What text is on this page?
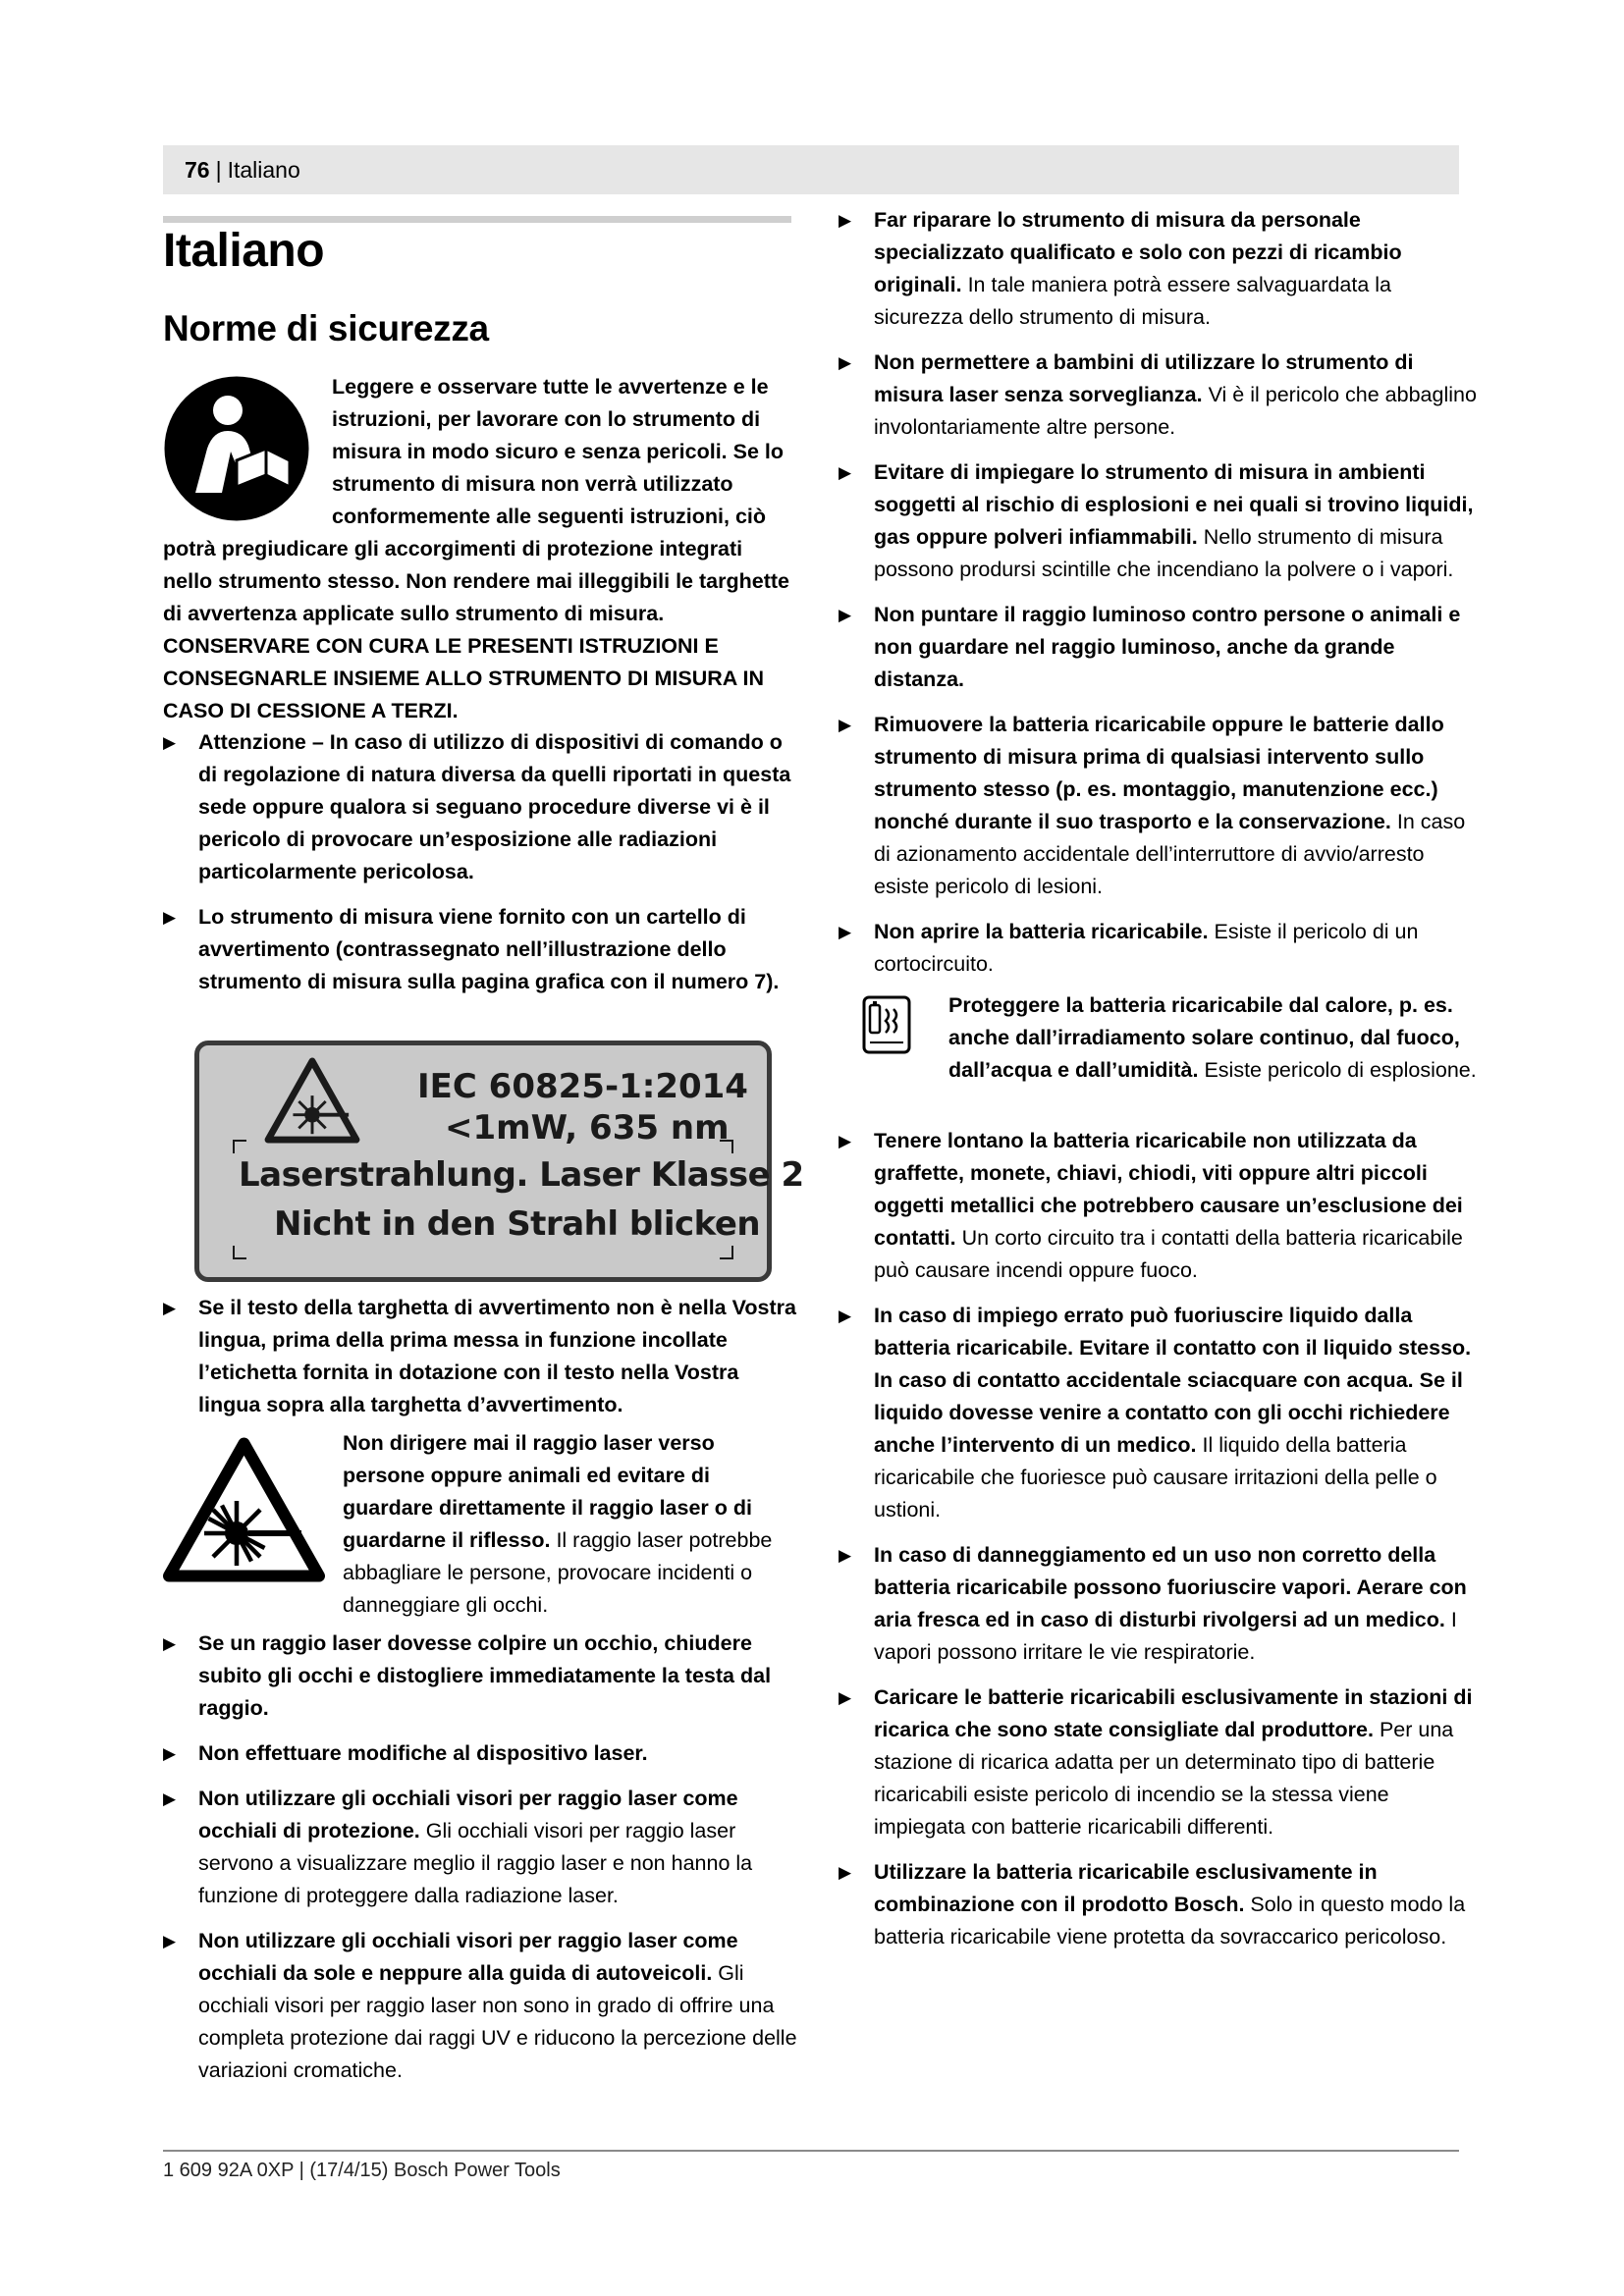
76 | Italiano
Italiano
Norme di sicurezza
Leggere e osservare tutte le avvertenze e le istruzioni, per lavorare con lo strumento di misura in modo sicuro e senza pericoli. Se lo strumento di misura non verrà utilizzato conformemente alle seguenti istruzioni, ciò potrà pregiudicare gli accorgimenti di protezione integrati nello strumento stesso. Non rendere mai illeggibili le targhette di avvertenza applicate sullo strumento di misura. CONSERVARE CON CURA LE PRESENTI ISTRUZIONI E CONSEGNARLE INSIEME ALLO STRUMENTO DI MISURA IN CASO DI CESSIONE A TERZI.
▶ Attenzione – In caso di utilizzo di dispositivi di comando o di regolazione di natura diversa da quelli riportati in questa sede oppure qualora si seguano procedure diverse vi è il pericolo di provocare un’esposizione alle radiazioni particolarmente pericolosa.
▶ Lo strumento di misura viene fornito con un cartello di avvertimento (contrassegnato nell’illustrazione dello strumento di misura sulla pagina grafica con il numero 7).
IEC 60825-1:2014
<1mW, 635 nm
Laserstrahlung. Laser Klasse 2
Nicht in den Strahl blicken
▶ Se il testo della targhetta di avvertimento non è nella Vostra lingua, prima della prima messa in funzione incollate l’etichetta fornita in dotazione con il testo nella Vostra lingua sopra alla targhetta d’avvertimento.
Non dirigere mai il raggio laser verso persone oppure animali ed evitare di guardare direttamente il raggio laser o di guardarne il riflesso. Il raggio laser potrebbe abbagliare le persone, provocare incidenti o danneggiare gli occhi.
▶ Se un raggio laser dovesse colpire un occhio, chiudere subito gli occhi e distogliere immediatamente la testa dal raggio.
▶ Non effettuare modifiche al dispositivo laser.
▶ Non utilizzare gli occhiali visori per raggio laser come occhiali di protezione. Gli occhiali visori per raggio laser servono a visualizzare meglio il raggio laser e non hanno la funzione di proteggere dalla radiazione laser.
▶ Non utilizzare gli occhiali visori per raggio laser come occhiali da sole e neppure alla guida di autoveicoli. Gli occhiali visori per raggio laser non sono in grado di offrire una completa protezione dai raggi UV e riducono la percezione delle variazioni cromatiche.
▶ Far riparare lo strumento di misura da personale specializzato qualificato e solo con pezzi di ricambio originali. In tale maniera potrà essere salvaguardata la sicurezza dello strumento di misura.
▶ Non permettere a bambini di utilizzare lo strumento di misura laser senza sorveglianza. Vi è il pericolo che abbaglino involontariamente altre persone.
▶ Evitare di impiegare lo strumento di misura in ambienti soggetti al rischio di esplosioni e nei quali si trovino liquidi, gas oppure polveri infiammabili. Nello strumento di misura possono prodursi scintille che incendiano la polvere o i vapori.
▶ Non puntare il raggio luminoso contro persone o animali e non guardare nel raggio luminoso, anche da grande distanza.
▶ Rimuovere la batteria ricaricabile oppure le batterie dallo strumento di misura prima di qualsiasi intervento sullo strumento stesso (p. es. montaggio, manutenzione ecc.) nonché durante il suo trasporto e la conservazione. In caso di azionamento accidentale dell’interruttore di avvio/arresto esiste pericolo di lesioni.
▶ Non aprire la batteria ricaricabile. Esiste il pericolo di un cortocircuito.
Proteggere la batteria ricaricabile dal calore, p. es. anche dall’irradiamento solare continuo, dal fuoco, dall’acqua e dall’umidità. Esiste pericolo di esplosione.
▶ Tenere lontano la batteria ricaricabile non utilizzata da graffette, monete, chiavi, chiodi, viti oppure altri piccoli oggetti metallici che potrebbero causare un’esclusione dei contatti. Un corto circuito tra i contatti della batteria ricaricabile può causare incendi oppure fuoco.
▶ In caso di impiego errato può fuoriuscire liquido dalla batteria ricaricabile. Evitare il contatto con il liquido stesso. In caso di contatto accidentale sciacquare con acqua. Se il liquido dovesse venire a contatto con gli occhi richiedere anche l’intervento di un medico. Il liquido della batteria ricaricabile che fuoriesce può causare irritazioni della pelle o ustioni.
▶ In caso di danneggiamento ed un uso non corretto della batteria ricaricabile possono fuoriuscire vapori. Aerare con aria fresca ed in caso di disturbi rivolgersi ad un medico. I vapori possono irritare le vie respiratorie.
▶ Caricare le batterie ricaricabili esclusivamente in stazioni di ricarica che sono state consigliate dal produttore. Per una stazione di ricarica adatta per un determinato tipo di batterie ricaricabili esiste pericolo di incendio se la stessa viene impiegata con batterie ricaricabili differenti.
▶ Utilizzare la batteria ricaricabile esclusivamente in combinazione con il prodotto Bosch. Solo in questo modo la batteria ricaricabile viene protetta da sovraccarico pericoloso.
1 609 92A 0XP | (17/4/15) Bosch Power Tools
